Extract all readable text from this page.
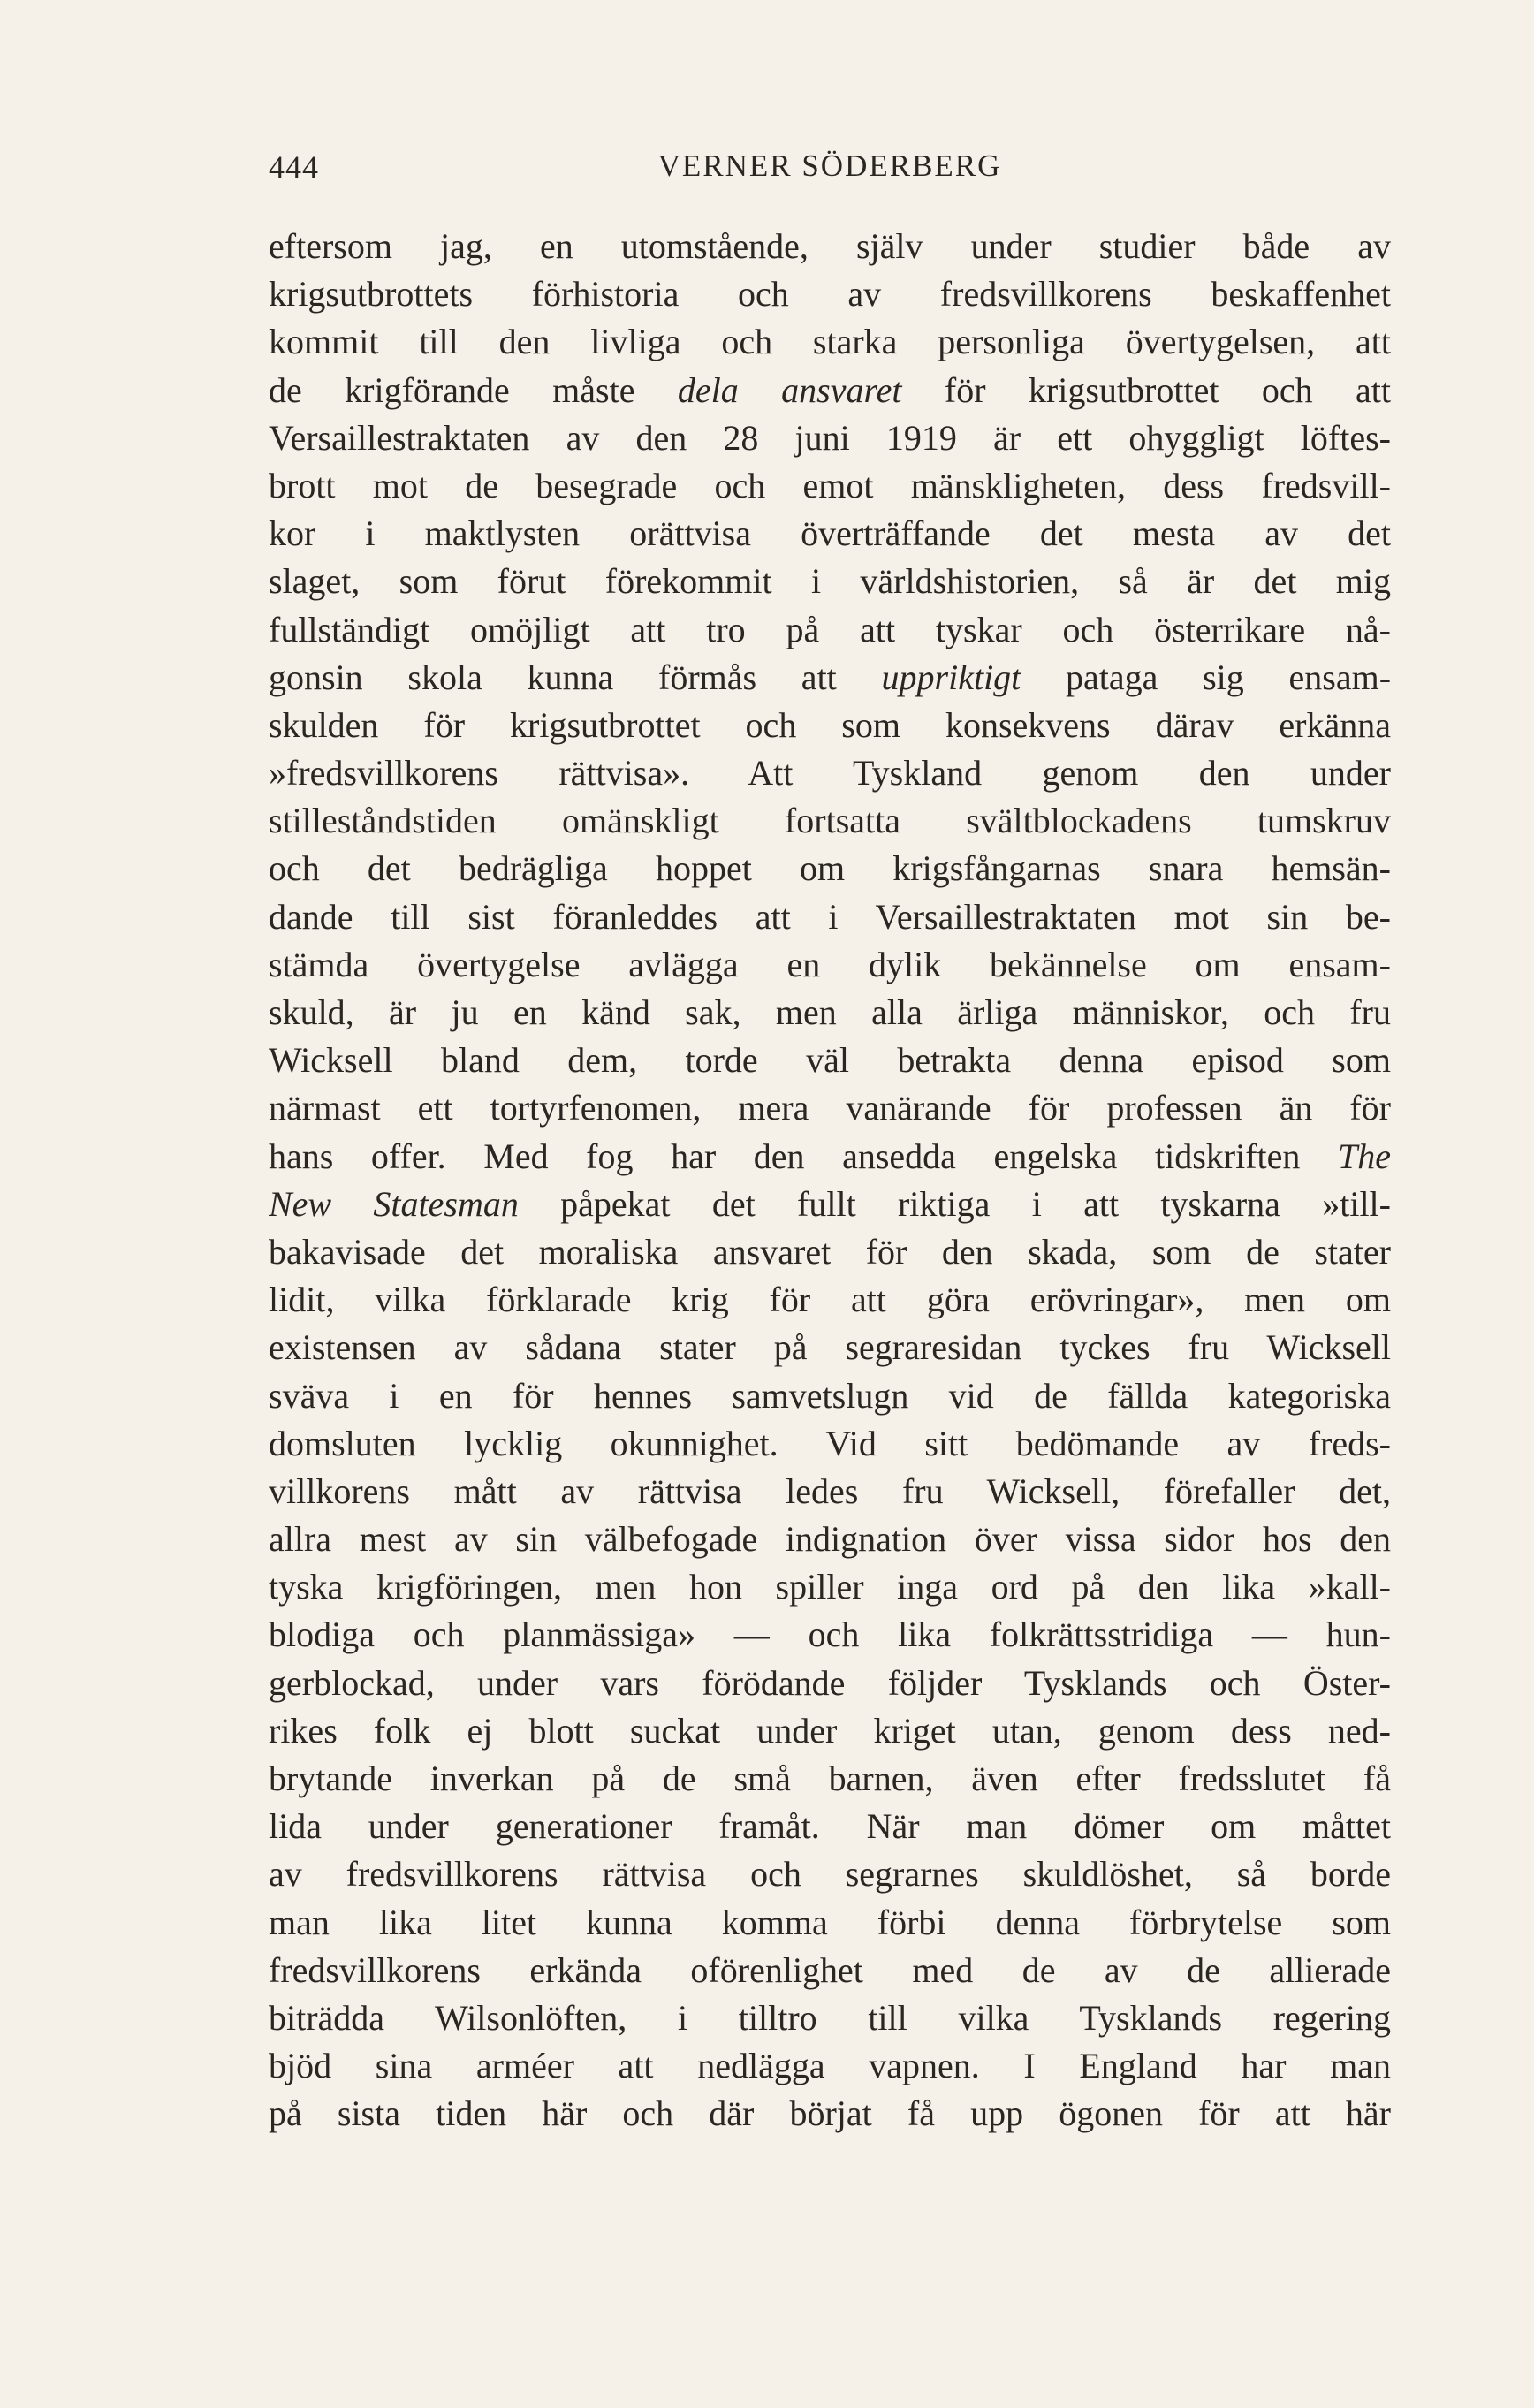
444	VERNER SÖDERBERG
eftersom jag, en utomstående, själv under studier både av
krigsutbrottets förhistoria och av fredsvillkorens beskaffenhet
kommit till den livliga och starka personliga övertygelsen, att
de krigförande måste dela ansvaret för krigsutbrottet och att
Versaillestraktaten av den 28 juni 1919 är ett ohyggligt löftes-
brott mot de besegrade och emot mänskligheten, dess fredsvill-
kor i maktlysten orättvisa överträffande det mesta av det
slaget, som förut förekommit i världshistorien, så är det mig
fullständigt omöjligt att tro på att tyskar och österrikare nå-
gonsin skola kunna förmås att uppriktigt pataga sig ensam-
skulden för krigsutbrottet och som konsekvens därav erkänna
»fredsvillkorens rättvisa». Att Tyskland genom den under
stilleståndstiden omänskligt fortsatta svältblockadens tumskruv
och det bedrägliga hoppet om krigsfångarnas snara hemsän-
dande till sist föranleddes att i Versaillestraktaten mot sin be-
stämda övertygelse avlägga en dylik bekännelse om ensam-
skuld, är ju en känd sak, men alla ärliga människor, och fru
Wicksell bland dem, torde väl betrakta denna episod som
närmast ett tortyrfenomen, mera vanärande för professen än för
hans offer. Med fog har den ansedda engelska tidskriften The
New Statesman påpekat det fullt riktiga i att tyskarna »till-
bakavisade det moraliska ansvaret för den skada, som de stater
lidit, vilka förklarade krig för att göra erövringar», men om
existensen av sådana stater på segraresidan tyckes fru Wicksell
sväva i en för hennes samvetslugn vid de fällda kategoriska
domsluten lycklig okunnighet. Vid sitt bedömande av freds-
villkorens mått av rättvisa ledes fru Wicksell, förefaller det,
allra mest av sin välbefogade indignation över vissa sidor hos den
tyska krigföringen, men hon spiller inga ord på den lika »kall-
blodiga och planmässiga» — och lika folkrättsstridiga — hun-
gerblockad, under vars förödande följder Tysklands och Öster-
rikes folk ej blott suckat under kriget utan, genom dess ned-
brytande inverkan på de små barnen, även efter fredsslutet få
lida under generationer framåt. När man dömer om måttet
av fredsvillkorens rättvisa och segrarnes skuldlöshet, så borde
man lika litet kunna komma förbi denna förbrytelse som
fredsvillkorens erkända oförenlighet med de av de allierade
biträdda Wilsonlöften, i tilltro till vilka Tysklands regering
bjöd sina arméer att nedlägga vapnen. I England har man
på sista tiden här och där börjat få upp ögonen för att här
